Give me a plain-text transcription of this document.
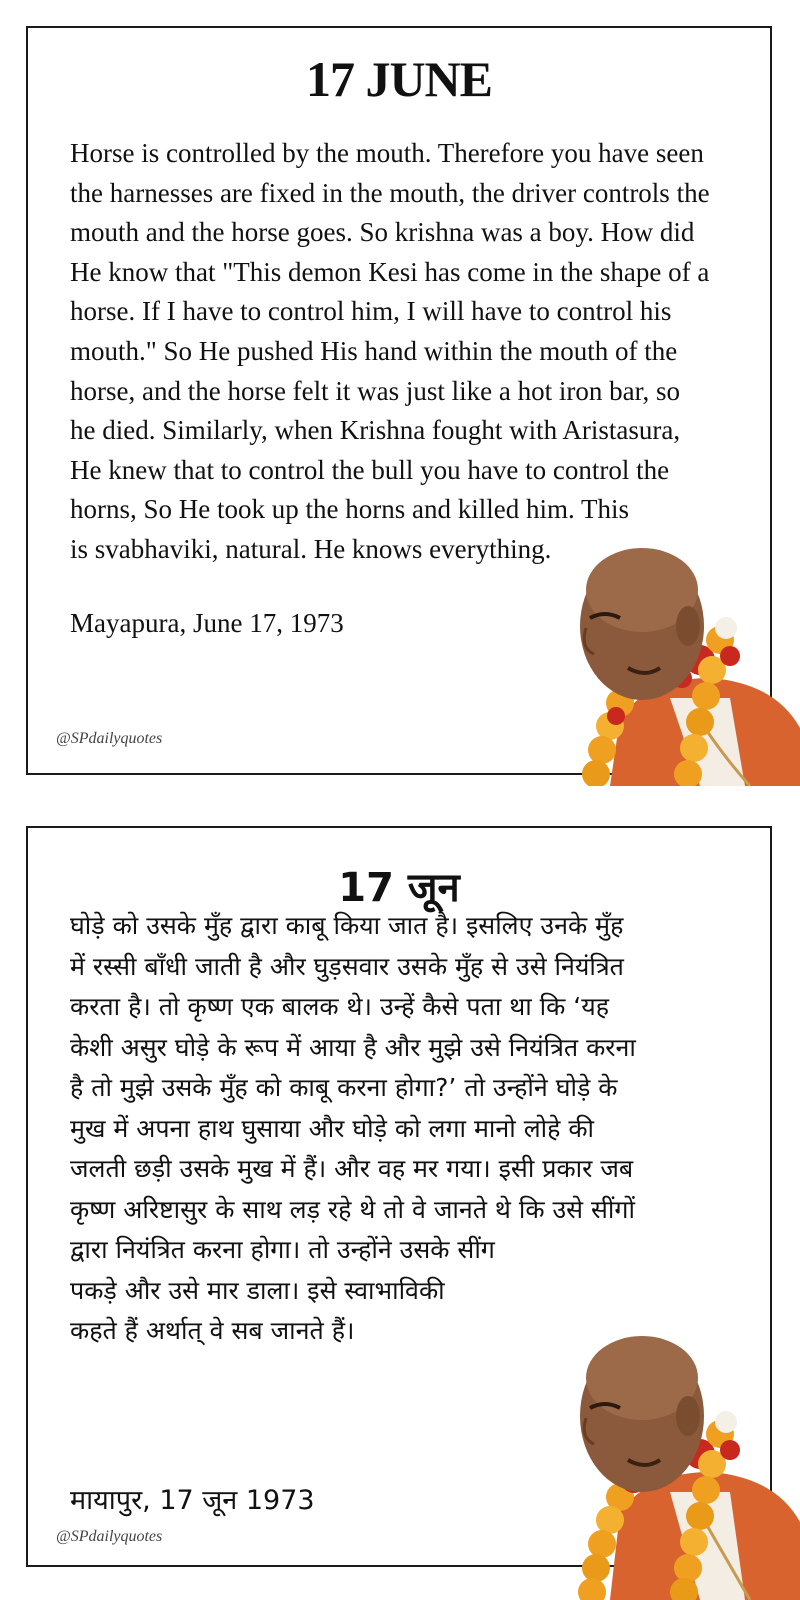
17 JUNE
Horse is controlled by the mouth. Therefore you have seen
the harnesses are fixed in the mouth, the driver controls the
mouth and the horse goes. So krishna was a boy. How did
He know that "This demon Kesi has come in the shape of a
horse. If I have to control him, I will have to control his
mouth." So He pushed His hand within the mouth of the
horse, and the horse felt it was just like a hot iron bar, so
he died. Similarly, when Krishna fought with Aristasura,
He knew that to control the bull you have to control the
horns, So He took up the horns and killed him. This
is svabhaviki, natural. He knows everything.
Mayapura, June 17, 1973
@SPdailyquotes
17 जून
घोड़े को उसके मुँह द्वारा काबू किया जात है। इसलिए उनके मुँह
में रस्सी बाँधी जाती है और घुड़सवार उसके मुँह से उसे नियंत्रित
करता है। तो कृष्ण एक बालक थे। उन्हें कैसे पता था कि ‘यह
केशी असुर घोड़े के रूप में आया है और मुझे उसे नियंत्रित करना
है तो मुझे उसके मुँह को काबू करना होगा?’ तो उन्होंने घोड़े के
मुख में अपना हाथ घुसाया और घोड़े को लगा मानो लोहे की
जलती छड़ी उसके मुख में हैं। और वह मर गया। इसी प्रकार जब
कृष्ण अरिष्टासुर के साथ लड़ रहे थे तो वे जानते थे कि उसे सींगों
द्वारा नियंत्रित करना होगा। तो उन्होंने उसके सींग
पकड़े और उसे मार डाला। इसे स्वाभाविकी
कहते हैं अर्थात् वे सब जानते हैं।
मायापुर, 17 जून 1973
@SPdailyquotes
